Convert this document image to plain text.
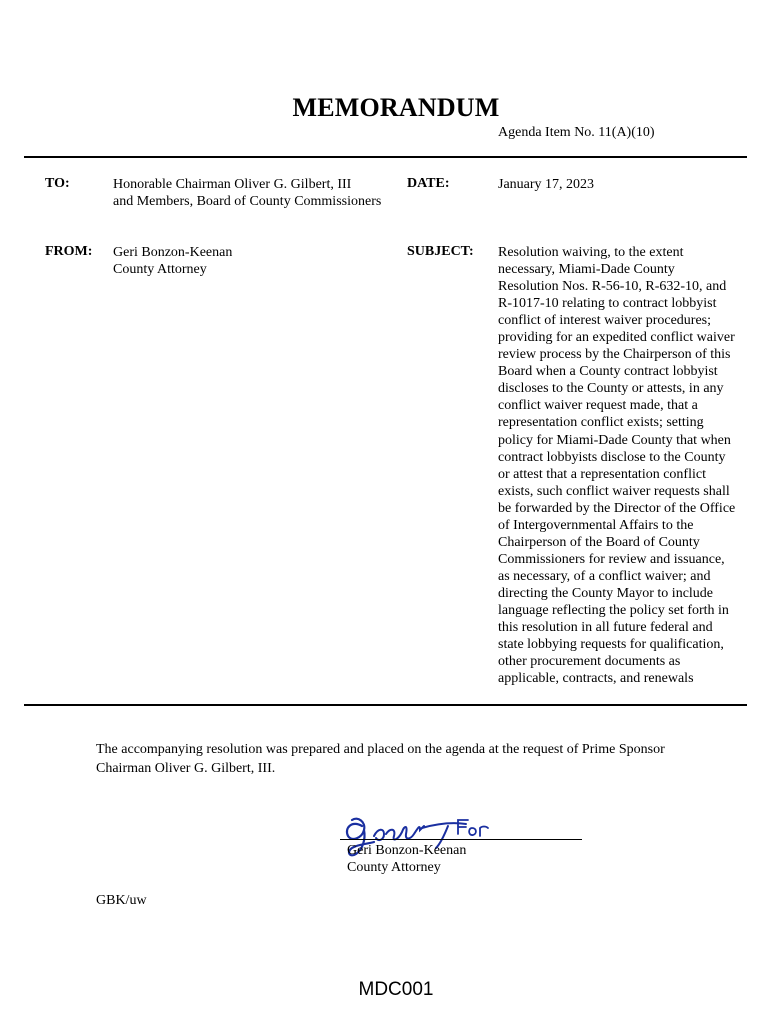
MEMORANDUM
Agenda Item No. 11(A)(10)
TO:	Honorable Chairman Oliver G. Gilbert, III
and Members, Board of County Commissioners
DATE:	January 17, 2023
FROM: Geri Bonzon-Keenan
County Attorney
SUBJECT: Resolution waiving, to the extent
necessary, Miami-Dade County
Resolution Nos. R-56-10, R-632-10, and
R-1017-10 relating to contract lobbyist
conflict of interest waiver procedures;
providing for an expedited conflict waiver
review process by the Chairperson of this
Board when a County contract lobbyist
discloses to the County or attests, in any
conflict waiver request made, that a
representation conflict exists; setting
policy for Miami-Dade County that when
contract lobbyists disclose to the County
or attest that a representation conflict
exists, such conflict waiver requests shall
be forwarded by the Director of the Office
of Intergovernmental Affairs to the
Chairperson of the Board of County
Commissioners for review and issuance,
as necessary, of a conflict waiver; and
directing the County Mayor to include
language reflecting the policy set forth in
this resolution in all future federal and
state lobbying requests for qualification,
other procurement documents as
applicable, contracts, and renewals
The accompanying resolution was prepared and placed on the agenda at the request of Prime Sponsor
Chairman Oliver G. Gilbert, III.
Geri Bonzon-Keenan
County Attorney
GBK/uw
MDC001
